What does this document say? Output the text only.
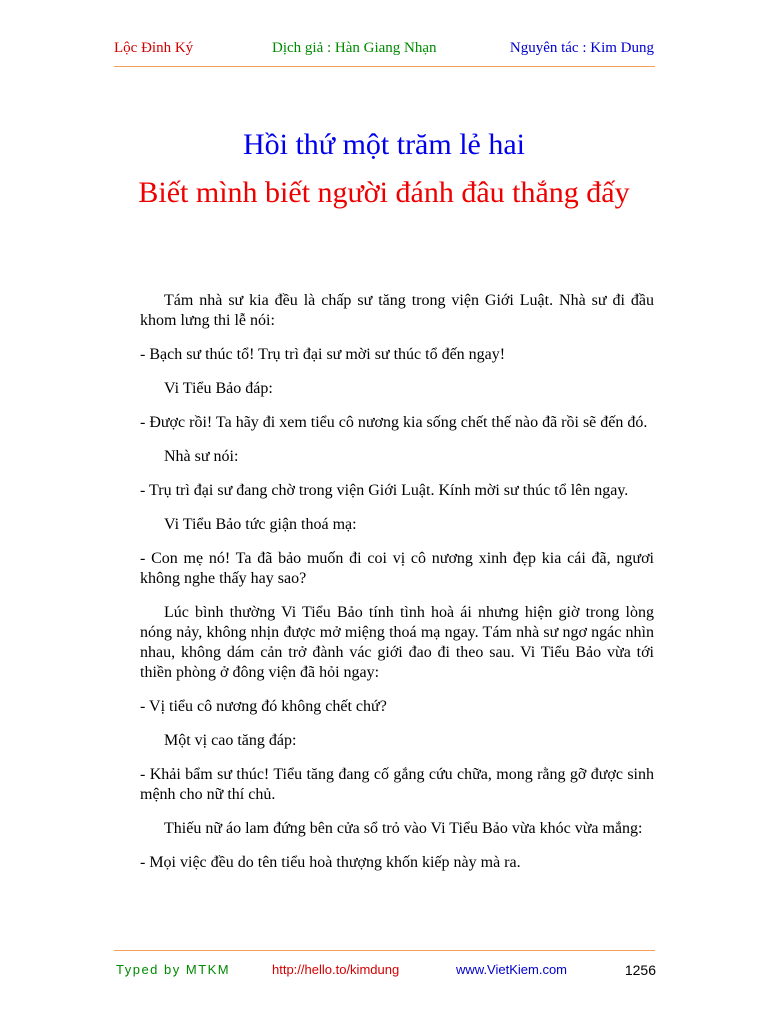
Lộc Đỉnh Ký	Dịch giả : Hàn Giang Nhạn	Nguyên tác : Kim Dung
Hồi thứ một trăm lẻ hai
Biết mình biết người đánh đâu thắng đấy

Tám nhà sư kia đều là chấp sư tăng trong viện Giới Luật. Nhà sư đi đầu khom lưng thi lễ nói:

- Bạch sư thúc tổ! Trụ trì đại sư mời sư thúc tổ đến ngay!

Vi Tiểu Bảo đáp:

- Được rồi! Ta hãy đi xem tiểu cô nương kia sống chết thế nào đã rồi sẽ đến đó.

Nhà sư nói:

- Trụ trì đại sư đang chờ trong viện Giới Luật. Kính mời sư thúc tổ lên ngay.

Vi Tiểu Bảo tức giận thoá mạ:

- Con mẹ nó! Ta đã bảo muốn đi coi vị cô nương xinh đẹp kia cái đã, ngươi không nghe thấy hay sao?

Lúc bình thường Vi Tiểu Bảo tính tình hoà ái nhưng hiện giờ trong lòng nóng nảy, không nhịn được mở miệng thoá mạ ngay. Tám nhà sư ngơ ngác nhìn nhau, không dám cản trở đành vác giới đao đi theo sau. Vi Tiểu Bảo vừa tới thiền phòng ở đông viện đã hỏi ngay:

- Vị tiểu cô nương đó không chết chứ?

Một vị cao tăng đáp:

- Khải bẩm sư thúc! Tiểu tăng đang cố gắng cứu chữa, mong rằng gỡ được sinh mệnh cho nữ thí chủ.

Thiếu nữ áo lam đứng bên cửa sổ trỏ vào Vi Tiểu Bảo vừa khóc vừa mắng:

- Mọi việc đều do tên tiểu hoà thượng khốn kiếp này mà ra.

Typed by MTKM	http://hello.to/kimdung	www.VietKiem.com	1256
